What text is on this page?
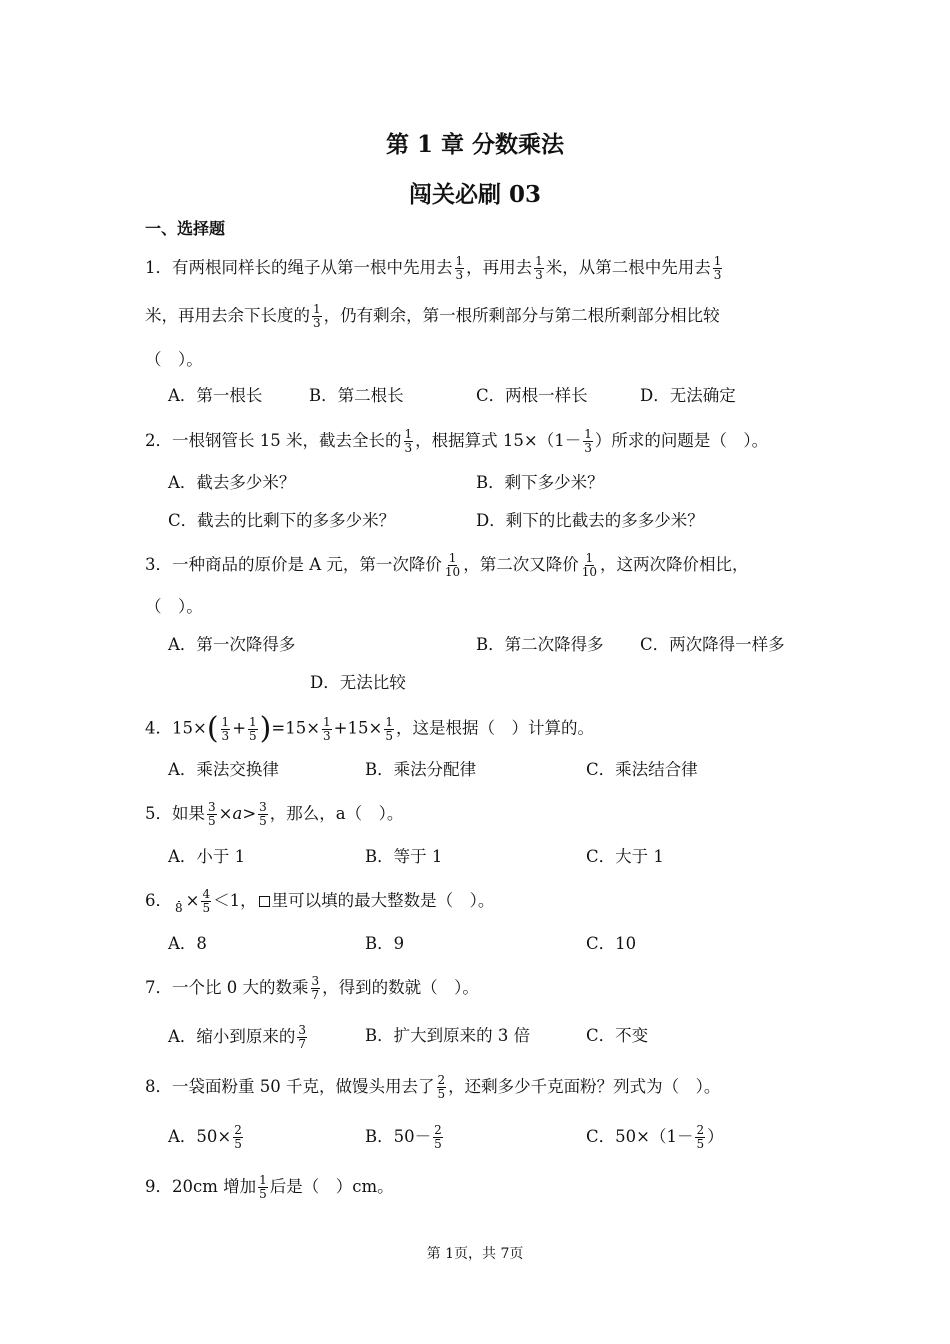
第 1 章 分数乘法
闯关必刷 03
一、选择题
1．有两根同样长的绳子从第一根中先用去 $\frac{1}{3}$ ，再用去 $\frac{1}{3}$ 米，从第二根中先用去 $\frac{1}{3}$
米，再用去余下长度的 $\frac{1}{3}$ ，仍有剩余，第一根所剩部分与第二根所剩部分相比较
（　）。
A．第一根长	B．第二根长	C．两根一样长	D．无法确定
2．一根钢管长 15 米，截去全长的 $\frac{1}{3}$ ，根据算式 $15\times(1- \frac{1}{3}$ ）所求的问题是（　）。
A．截去多少米？	B．剩下多少米？
C．截去的比剩下的多多少米？	D．剩下的比截去的多多少米？
3．一种商品的原价是 A 元，第一次降价 $\frac{1}{10}$ ，第二次又降价 $\frac{1}{10}$ ，这两次降价相比，
（　）。
A．第一次降得多	B．第二次降得多 C．两次降得一样多
D．无法比较
4．$15\times( \frac{1}{3} + \frac{1}{5} )=15\times \frac{1}{3} +15\times \frac{1}{5}$ ，这是根据（　）计算的。
A．乘法交换律	B．乘法分配律	C．乘法结合律
5．如果 $\frac{3}{5} \times a> \frac{3}{5}$ ，那么，a（　）。
A．小于 1	B．等于 1	C．大于 1
6． $8 \times \frac{4}{5} <1$， 里可以填的最大整数是（　）。
A．8	B．9	C．10
7．一个比 0 大的数乘 $\frac{3}{7}$ ，得到的数就（　）。
A．缩小到原来的 $\frac{3}{7}$	B．扩大到原来的 3 倍	C．不变
8．一袋面粉重 50 千克，做馒头用去了 $\frac{2}{5}$ ，还剩多少千克面粉？列式为（　）。
A．$50\times \frac{2}{5}$	B．$50- \frac{2}{5}$	C．$50\times(1- \frac{2}{5}$ ）
9．20cm 增加 $\frac{1}{5}$ 后是（　）cm。
第 1页，共 7页
